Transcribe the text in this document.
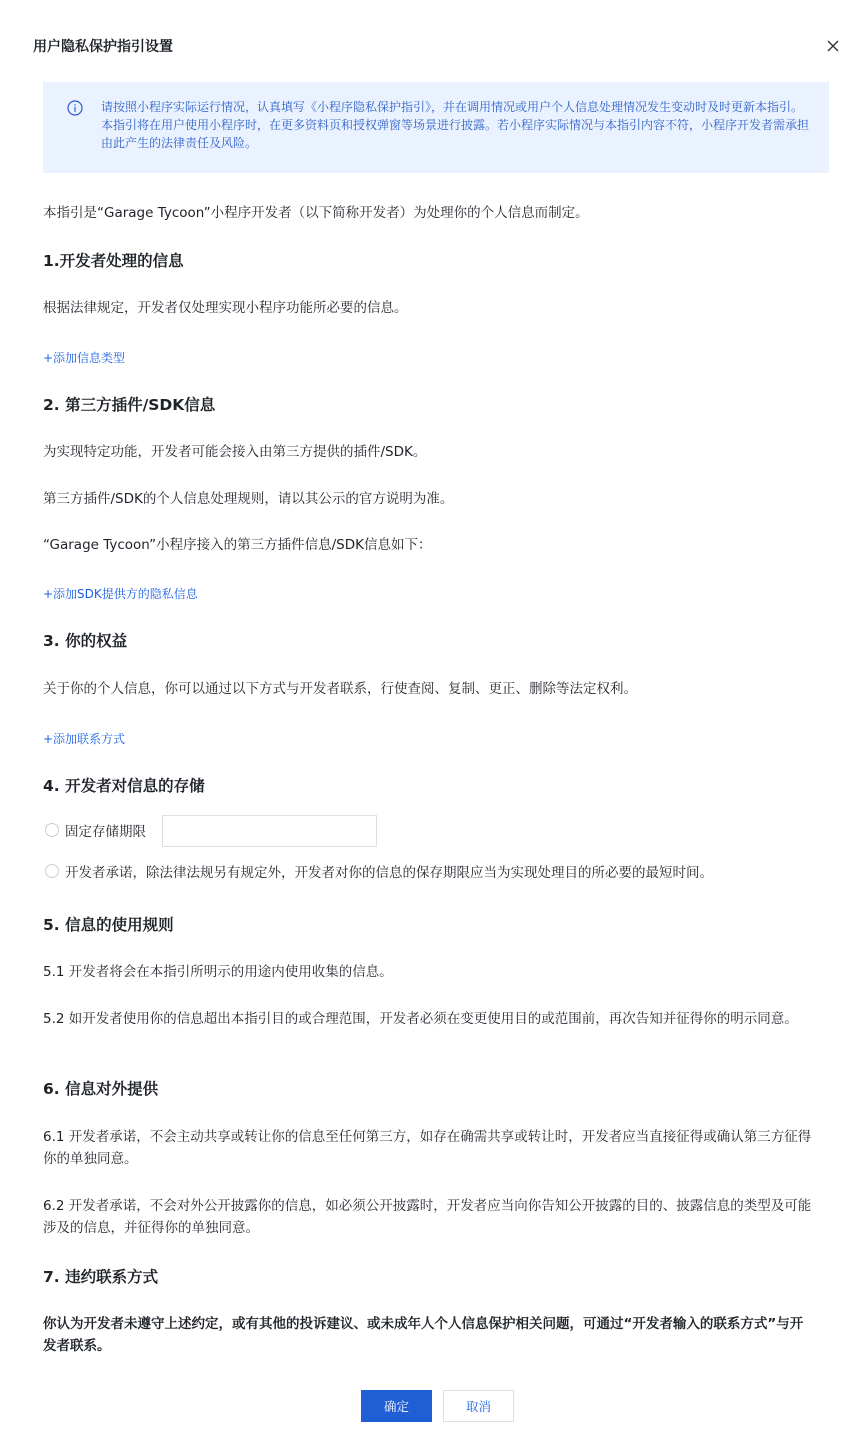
用户隐私保护指引设置
请按照小程序实际运行情况，认真填写《小程序隐私保护指引》，并在调用情况或用户个人信息处理情况发生变动时及时更新本指引。本指引将在用户使用小程序时，在更多资料页和授权弹窗等场景进行披露。若小程序实际情况与本指引内容不符，小程序开发者需承担由此产生的法律责任及风险。
本指引是“Garage Tycoon”小程序开发者（以下简称开发者）为处理你的个人信息而制定。
1.开发者处理的信息
根据法律规定，开发者仅处理实现小程序功能所必要的信息。
+添加信息类型
2. 第三方插件/SDK信息
为实现特定功能，开发者可能会接入由第三方提供的插件/SDK。
第三方插件/SDK的个人信息处理规则，请以其公示的官方说明为准。
“Garage Tycoon”小程序接入的第三方插件信息/SDK信息如下：
+添加SDK提供方的隐私信息
3. 你的权益
关于你的个人信息，你可以通过以下方式与开发者联系，行使查阅、复制、更正、删除等法定权利。
+添加联系方式
4. 开发者对信息的存储
固定存储期限
开发者承诺，除法律法规另有规定外，开发者对你的信息的保存期限应当为实现处理目的所必要的最短时间。
5. 信息的使用规则
5.1 开发者将会在本指引所明示的用途内使用收集的信息。
5.2 如开发者使用你的信息超出本指引目的或合理范围，开发者必须在变更使用目的或范围前，再次告知并征得你的明示同意。
6. 信息对外提供
6.1 开发者承诺，不会主动共享或转让你的信息至任何第三方，如存在确需共享或转让时，开发者应当直接征得或确认第三方征得你的单独同意。
6.2 开发者承诺，不会对外公开披露你的信息，如必须公开披露时，开发者应当向你告知公开披露的目的、披露信息的类型及可能涉及的信息，并征得你的单独同意。
7. 违约联系方式
你认为开发者未遵守上述约定，或有其他的投诉建议、或未成年人个人信息保护相关问题，可通过“开发者输入的联系方式”与开发者联系。
确定	取消
